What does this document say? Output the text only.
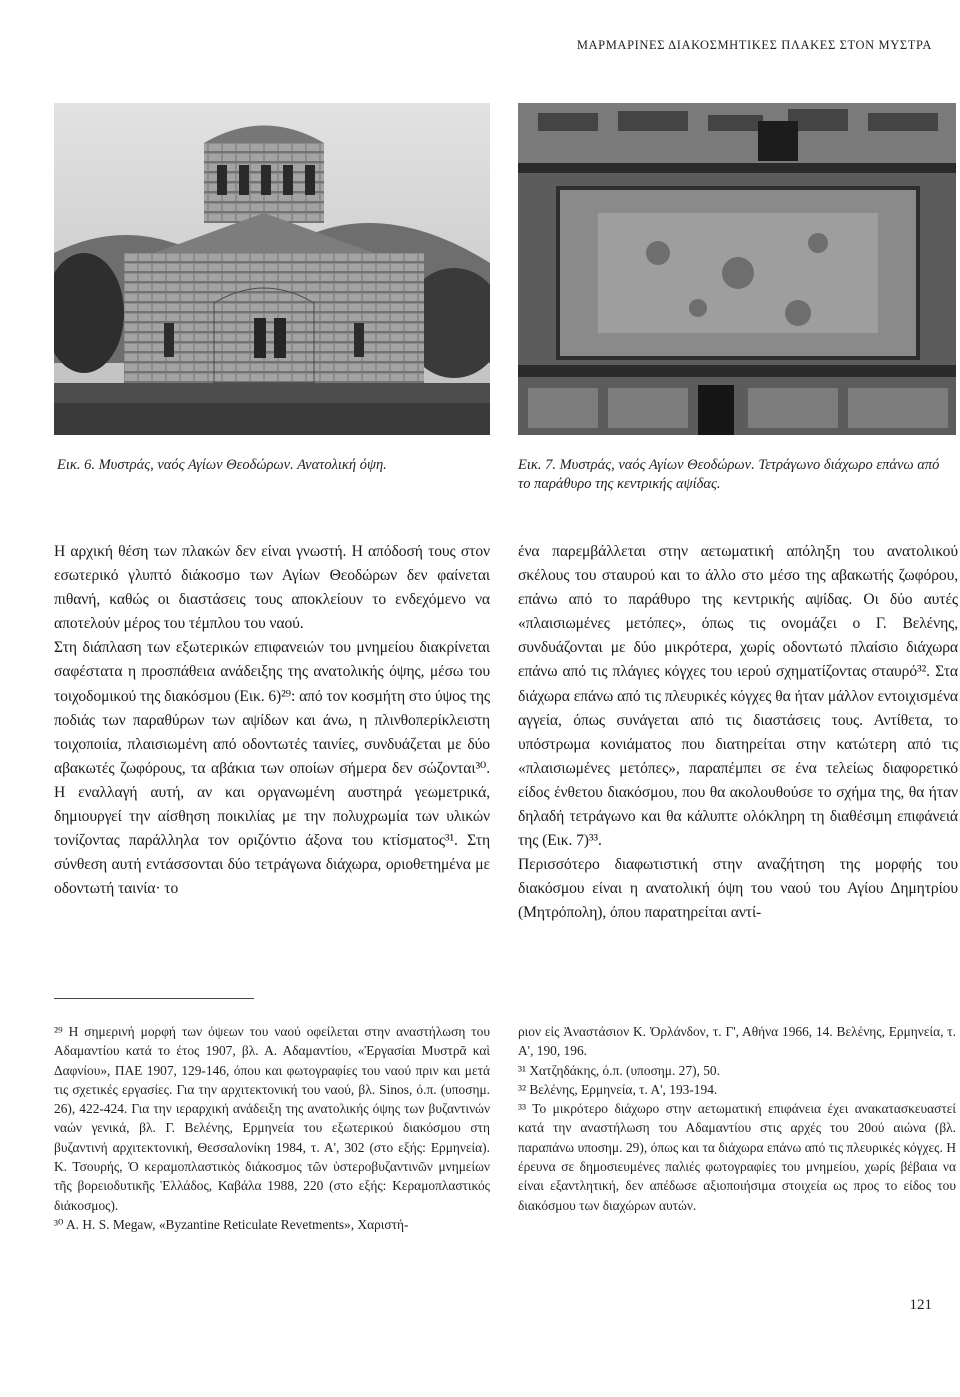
ΜΑΡΜΑΡΙΝΕΣ ΔΙΑΚΟΣΜΗΤΙΚΕΣ ΠΛΑΚΕΣ ΣΤΟΝ ΜΥΣΤΡΑ
Εικ. 6. Μυστράς, ναός Αγίων Θεοδώρων. Ανατολική όψη.	Εικ. 7. Μυστράς, ναός Αγίων Θεοδώρων. Τετράγωνο διάχωρο επάνω από το παράθυρο της κεντρικής αψίδας.

Η αρχική θέση των πλακών δεν είναι γνωστή. Η απόδοσή τους στον εσωτερικό γλυπτό διάκοσμο των Αγίων Θεοδώρων δεν φαίνεται πιθανή, καθώς οι διαστάσεις τους αποκλείουν το ενδεχόμενο να αποτελούν μέρος του τέμπλου του ναού.

Στη διάπλαση των εξωτερικών επιφανειών του μνημείου διακρίνεται σαφέστατα η προσπάθεια ανάδειξης της ανατολικής όψης, μέσω του τοιχοδομικού της διακόσμου (Εικ. 6)²⁹: από τον κοσμήτη στο ύψος της ποδιάς των παραθύρων των αψίδων και άνω, η πλινθοπερίκλειστη τοιχοποιία, πλαισιωμένη από οδοντωτές ταινίες, συνδυάζεται με δύο αβακωτές ζωφόρους, τα αβάκια των οποίων σήμερα δεν σώζονται³⁰. Η εναλλαγή αυτή, αν και οργανωμένη αυστηρά γεωμετρικά, δημιουργεί την αίσθηση ποικιλίας με την πολυχρωμία των υλικών τονίζοντας παράλληλα τον οριζόντιο άξονα του κτίσματος³¹. Στη σύνθεση αυτή εντάσσονται δύο τετράγωνα διάχωρα, οριοθετημένα με οδοντωτή ταινία· το

ένα παρεμβάλλεται στην αετωματική απόληξη του ανατολικού σκέλους του σταυρού και το άλλο στο μέσο της αβακωτής ζωφόρου, επάνω από το παράθυρο της κεντρικής αψίδας. Οι δύο αυτές «πλαισιωμένες μετόπες», όπως τις ονομάζει ο Γ. Βελένης, συνδυάζονται με δύο μικρότερα, χωρίς οδοντωτό πλαίσιο διάχωρα επάνω από τις πλάγιες κόγχες του ιερού σχηματίζοντας σταυρό³². Στα διάχωρα επάνω από τις πλευρικές κόγχες θα ήταν μάλλον εντοιχισμένα αγγεία, όπως συνάγεται από τις διαστάσεις τους. Αντίθετα, το υπόστρωμα κονιάματος που διατηρείται στην κατώτερη από τις «πλαισιωμένες μετόπες», παραπέμπει σε ένα τελείως διαφορετικό είδος ένθετου διακόσμου, που θα ακολουθούσε το σχήμα της, θα ήταν δηλαδή τετράγωνο και θα κάλυπτε ολόκληρη τη διαθέσιμη επιφάνειά της (Εικ. 7)³³.

Περισσότερο διαφωτιστική στην αναζήτηση της μορφής του διακόσμου είναι η ανατολική όψη του ναού του Αγίου Δημητρίου (Μητρόπολη), όπου παρατηρείται αντί-

²⁹ Η σημερινή μορφή των όψεων του ναού οφείλεται στην αναστήλωση του Αδαμαντίου κατά το έτος 1907, βλ. Α. Αδαμαντίου, «Ἐργασίαι Μυστρᾶ καὶ Δαφνίου», ΠΑΕ 1907, 129-146, όπου και φωτογραφίες του ναού πριν και μετά τις σχετικές εργασίες. Για την αρχιτεκτονική του ναού, βλ. Sinos, ό.π. (υποσημ. 26), 422-424. Για την ιεραρχική ανάδειξη της ανατολικής όψης των βυζαντινών ναών γενικά, βλ. Γ. Βελένης, Ερμηνεία του εξωτερικού διακόσμου στη βυζαντινή αρχιτεκτονική, Θεσσαλονίκη 1984, τ. Α', 302 (στο εξής: Ερμηνεία). Κ. Τσουρής, Ὁ κεραμοπλαστικὸς διάκοσμος τῶν ὑστεροβυζαντινῶν μνημείων τῆς βορειοδυτικῆς Ἑλλάδος, Καβάλα 1988, 220 (στο εξής: Κεραμοπλαστικός διάκοσμος).

³⁰ A. H. S. Megaw, «Byzantine Reticulate Revetments», Χαριστή-

ριον εἰς Ἀναστάσιον Κ. Ὀρλάνδον, τ. Γ', Αθήνα 1966, 14. Βελένης, Ερμηνεία, τ. Α', 190, 196.

³¹ Χατζηδάκης, ό.π. (υποσημ. 27), 50.

³² Βελένης, Ερμηνεία, τ. Α', 193-194.

³³ Το μικρότερο διάχωρο στην αετωματική επιφάνεια έχει ανακατασκευαστεί κατά την αναστήλωση του Αδαμαντίου στις αρχές του 20ού αιώνα (βλ. παραπάνω υποσημ. 29), όπως και τα διάχωρα επάνω από τις πλευρικές κόγχες. Η έρευνα σε δημοσιευμένες παλιές φωτογραφίες του μνημείου, χωρίς βέβαια να είναι εξαντλητική, δεν απέδωσε αξιοποιήσιμα στοιχεία ως προς το είδος του διακόσμου των διαχώρων αυτών.

121
